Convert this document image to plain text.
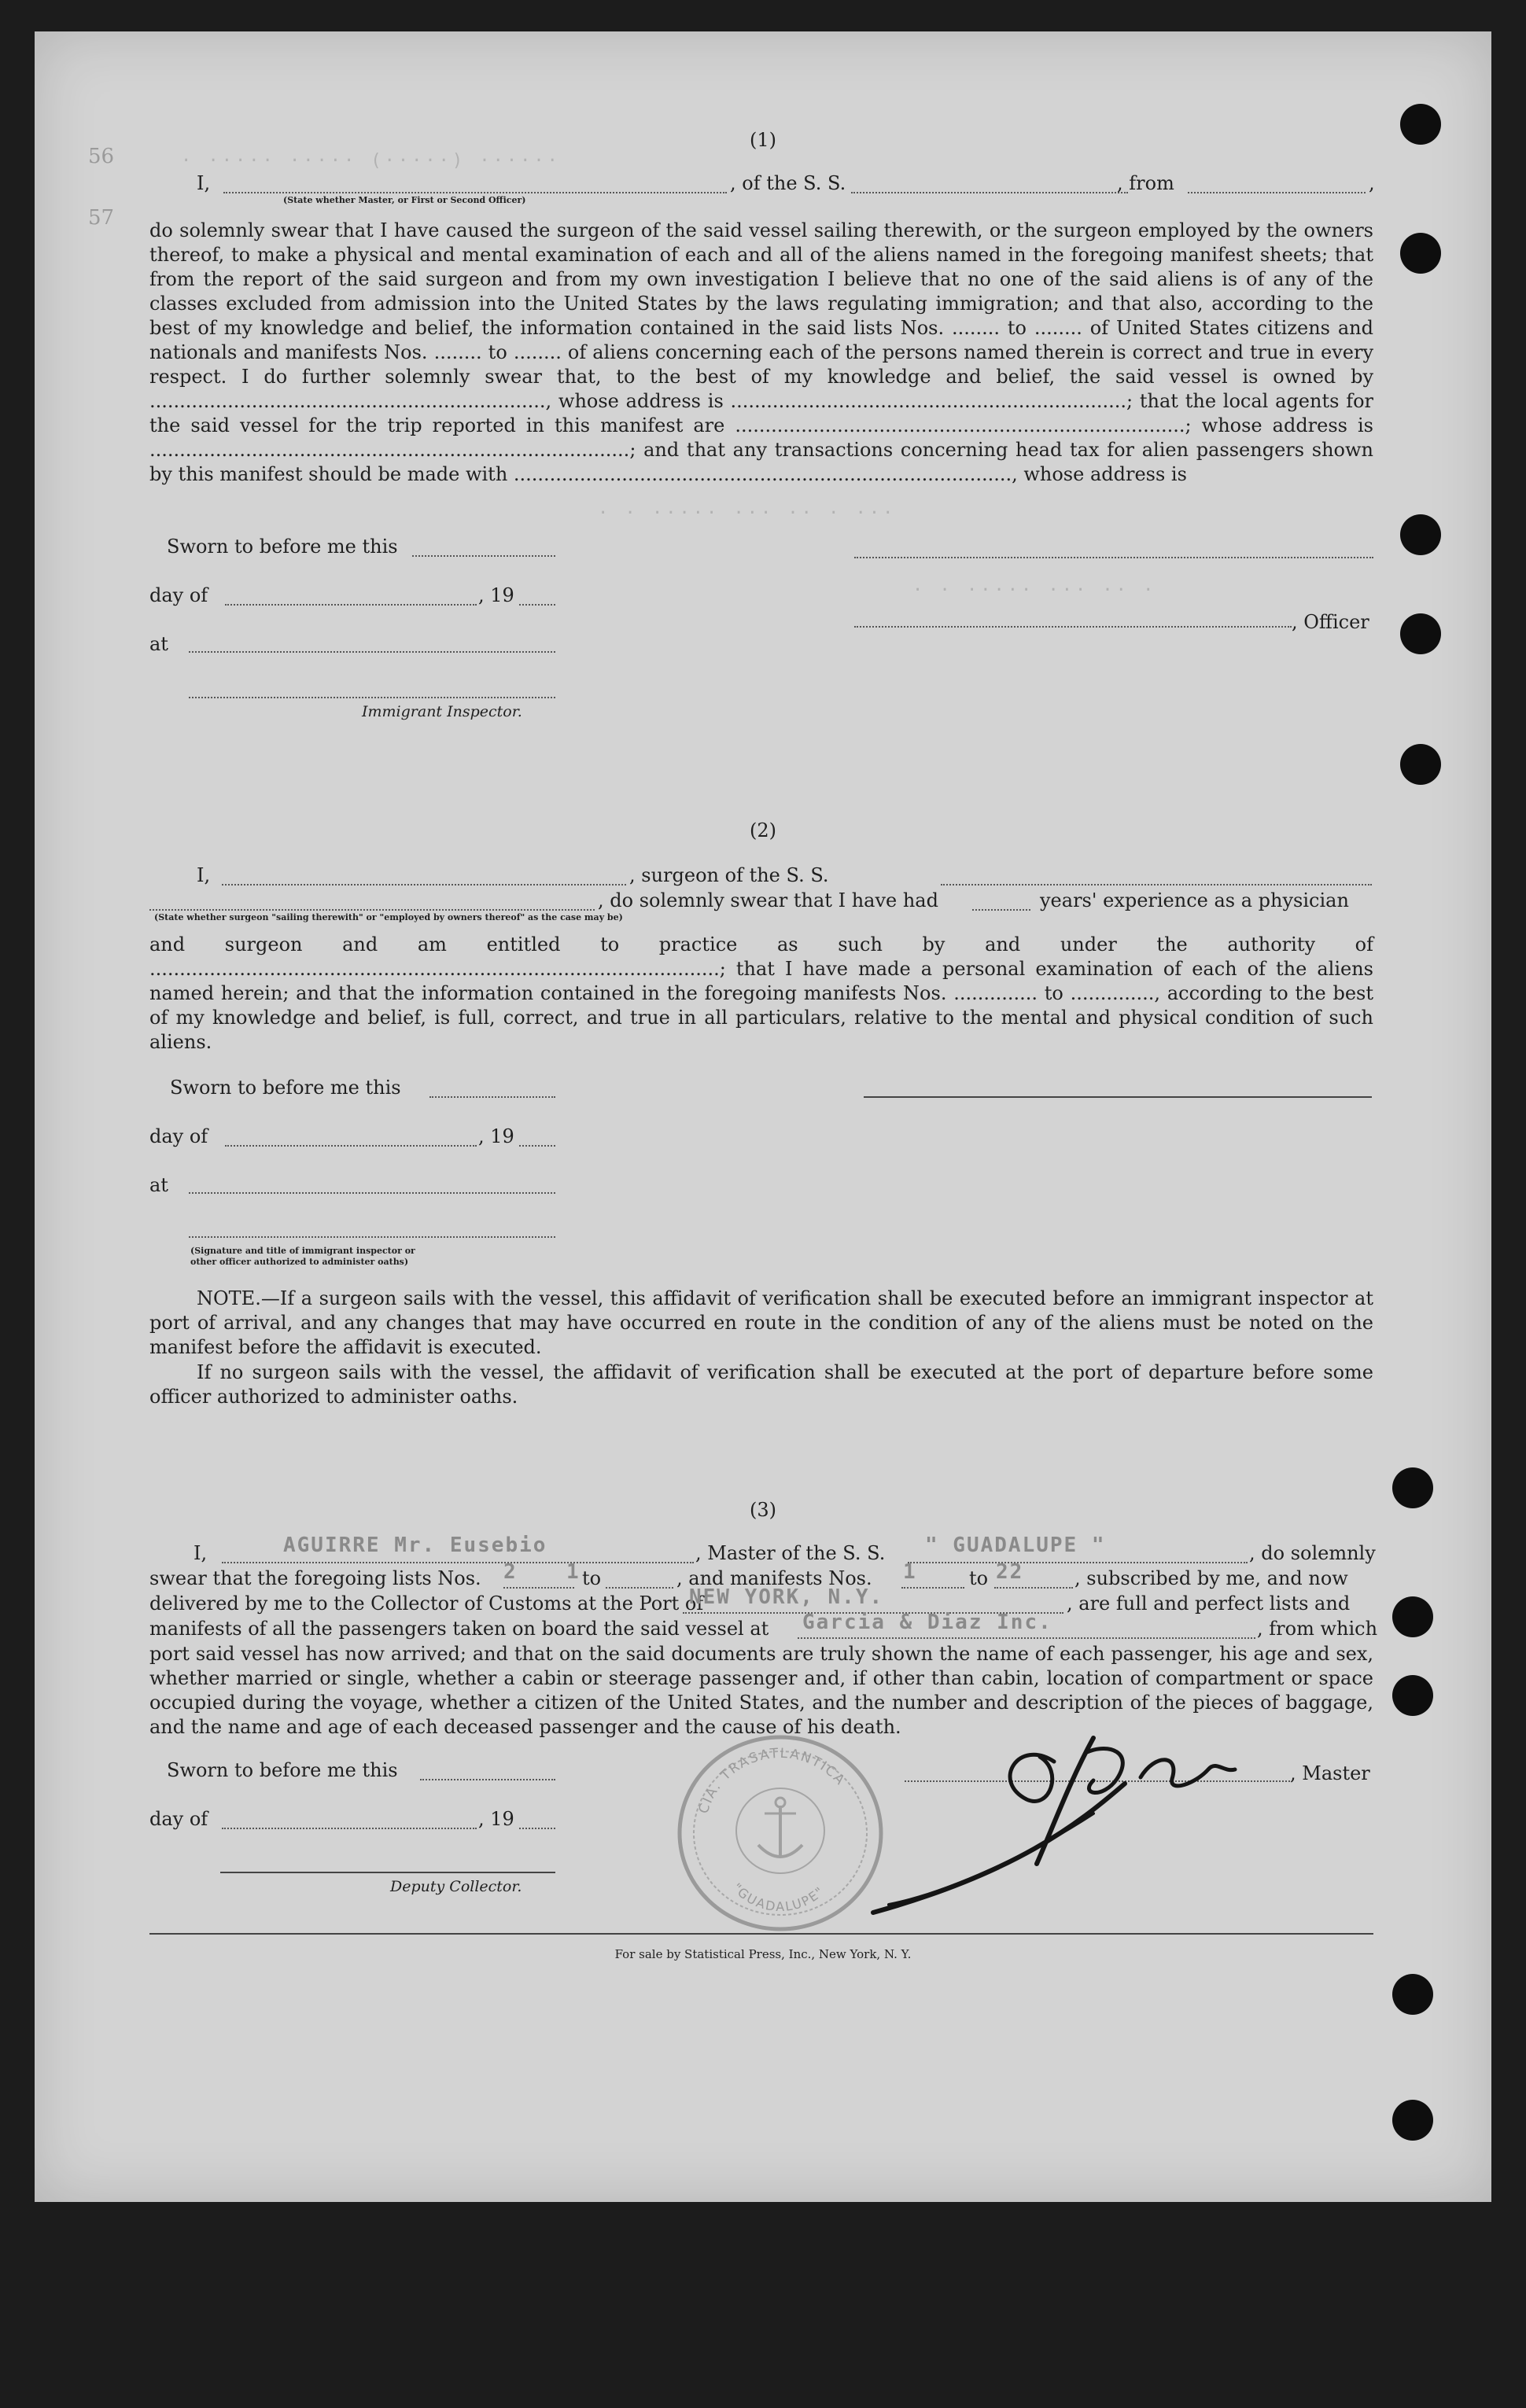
56
57
(1)
I,	, of the S. S.	, from	,
(State whether Master, or First or Second Officer)
· ····· ····· (·····) ······
do solemnly swear that I have caused the surgeon of the said vessel sailing therewith, or the surgeon employed by the owners thereof, to make a physical and mental examination of each and all of the aliens named in the foregoing manifest sheets; that from the report of the said surgeon and from my own investigation I believe that no one of the said aliens is of any of the classes excluded from admission into the United States by the laws regulating immigration; and that also, according to the best of my knowledge and belief, the information contained in the said lists Nos. ........ to ........ of United States citizens and nationals and manifests Nos. ........ to ........ of aliens concerning each of the persons named therein is correct and true in every respect. I do further solemnly swear that, to the best of my knowledge and belief, the said vessel is owned by .................................................................., whose address is ..................................................................; that the local agents for the said vessel for the trip reported in this manifest are ...........................................................................; whose address is ................................................................................; and that any transactions concerning head tax for alien passengers shown by this manifest should be made with ..................................................................................., whose address is
· · ····· ··· ·· · ···
· · ····· ··· ·· ·
Sworn to before me this
day of	, 19
, Officer
at
Immigrant Inspector.
(2)
I,	, surgeon of the S. S.
, do solemnly swear that I have had	years' experience as a physician
(State whether surgeon "sailing therewith" or "employed by owners thereof" as the case may be)
and surgeon and am entitled to practice as such by and under the authority of ...............................................................................................; that I have made a personal examination of each of the aliens named herein; and that the information contained in the foregoing manifests Nos. .............. to .............., according to the best of my knowledge and belief, is full, correct, and true in all particulars, relative to the mental and physical condition of such aliens.
Sworn to before me this
day of	, 19
at
(Signature and title of immigrant inspector or
other officer authorized to administer oaths)
NOTE.—If a surgeon sails with the vessel, this affidavit of verification shall be executed before an immigrant inspector at port of arrival, and any changes that may have occurred en route in the condition of any of the aliens must be noted on the manifest before the affidavit is executed.
If no surgeon sails with the vessel, the affidavit of verification shall be executed at the port of departure before some officer authorized to administer oaths.
(3)
I,	AGUIRRE Mr. Eusebio	, Master of the S. S. " GUADALUPE "	, do solemnly
swear that the foregoing lists Nos. 2	to
1	, and manifests Nos. 1	to 22	, subscribed by me, and now
delivered by me to the Collector of Customs at the Port of
NEW YORK, N.Y.	, are full and perfect lists and
manifests of all the passengers taken on board the said vessel at Garcia & Diaz Inc.	, from which
port said vessel has now arrived; and that on the said documents are truly shown the name of each passenger, his age and sex, whether married or single, whether a cabin or steerage passenger and, if other than cabin, location of compartment or space occupied during the voyage, whether a citizen of the United States, and the number and description of the pieces of baggage, and the name and age of each deceased passenger and the cause of his death.
Sworn to before me this	, Master
day of	, 19
Deputy Collector.
CIA. TRASATLANTICA
"GUADALUPE"
For sale by Statistical Press, Inc., New York, N. Y.
